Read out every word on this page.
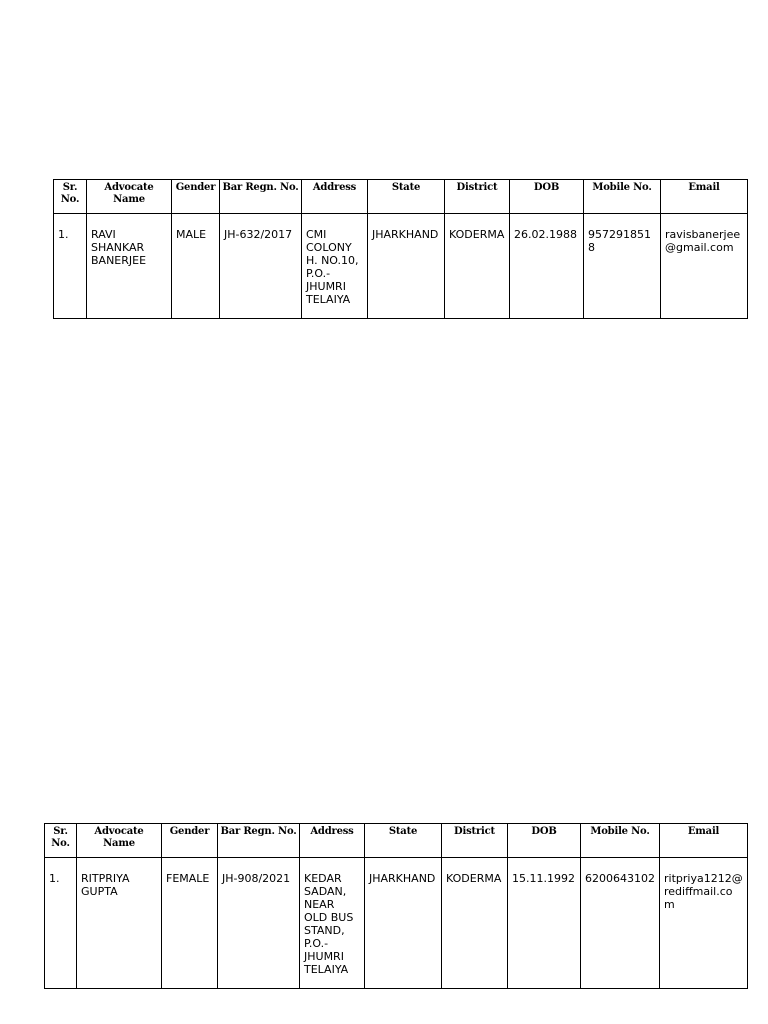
Sr. No.	Advocate Name	Gender	Bar Regn. No.	Address	State	District	DOB	Mobile No.	Email
1.	RAVI SHANKAR BANERJEE	MALE	JH-632/2017	CMI COLONY H. NO.10, P.O.- JHUMRI TELAIYA	JHARKHAND	KODERMA	26.02.1988	9572918518	ravisbanerjee@gmail.com
Sr. No.	Advocate Name	Gender	Bar Regn. No.	Address	State	District	DOB	Mobile No.	Email
1.	RITPRIYA GUPTA	FEMALE	JH-908/2021	KEDAR SADAN, NEAR OLD BUS STAND, P.O.- JHUMRI TELAIYA	JHARKHAND	KODERMA	15.11.1992	6200643102	ritpriya1212@rediffmail.com
